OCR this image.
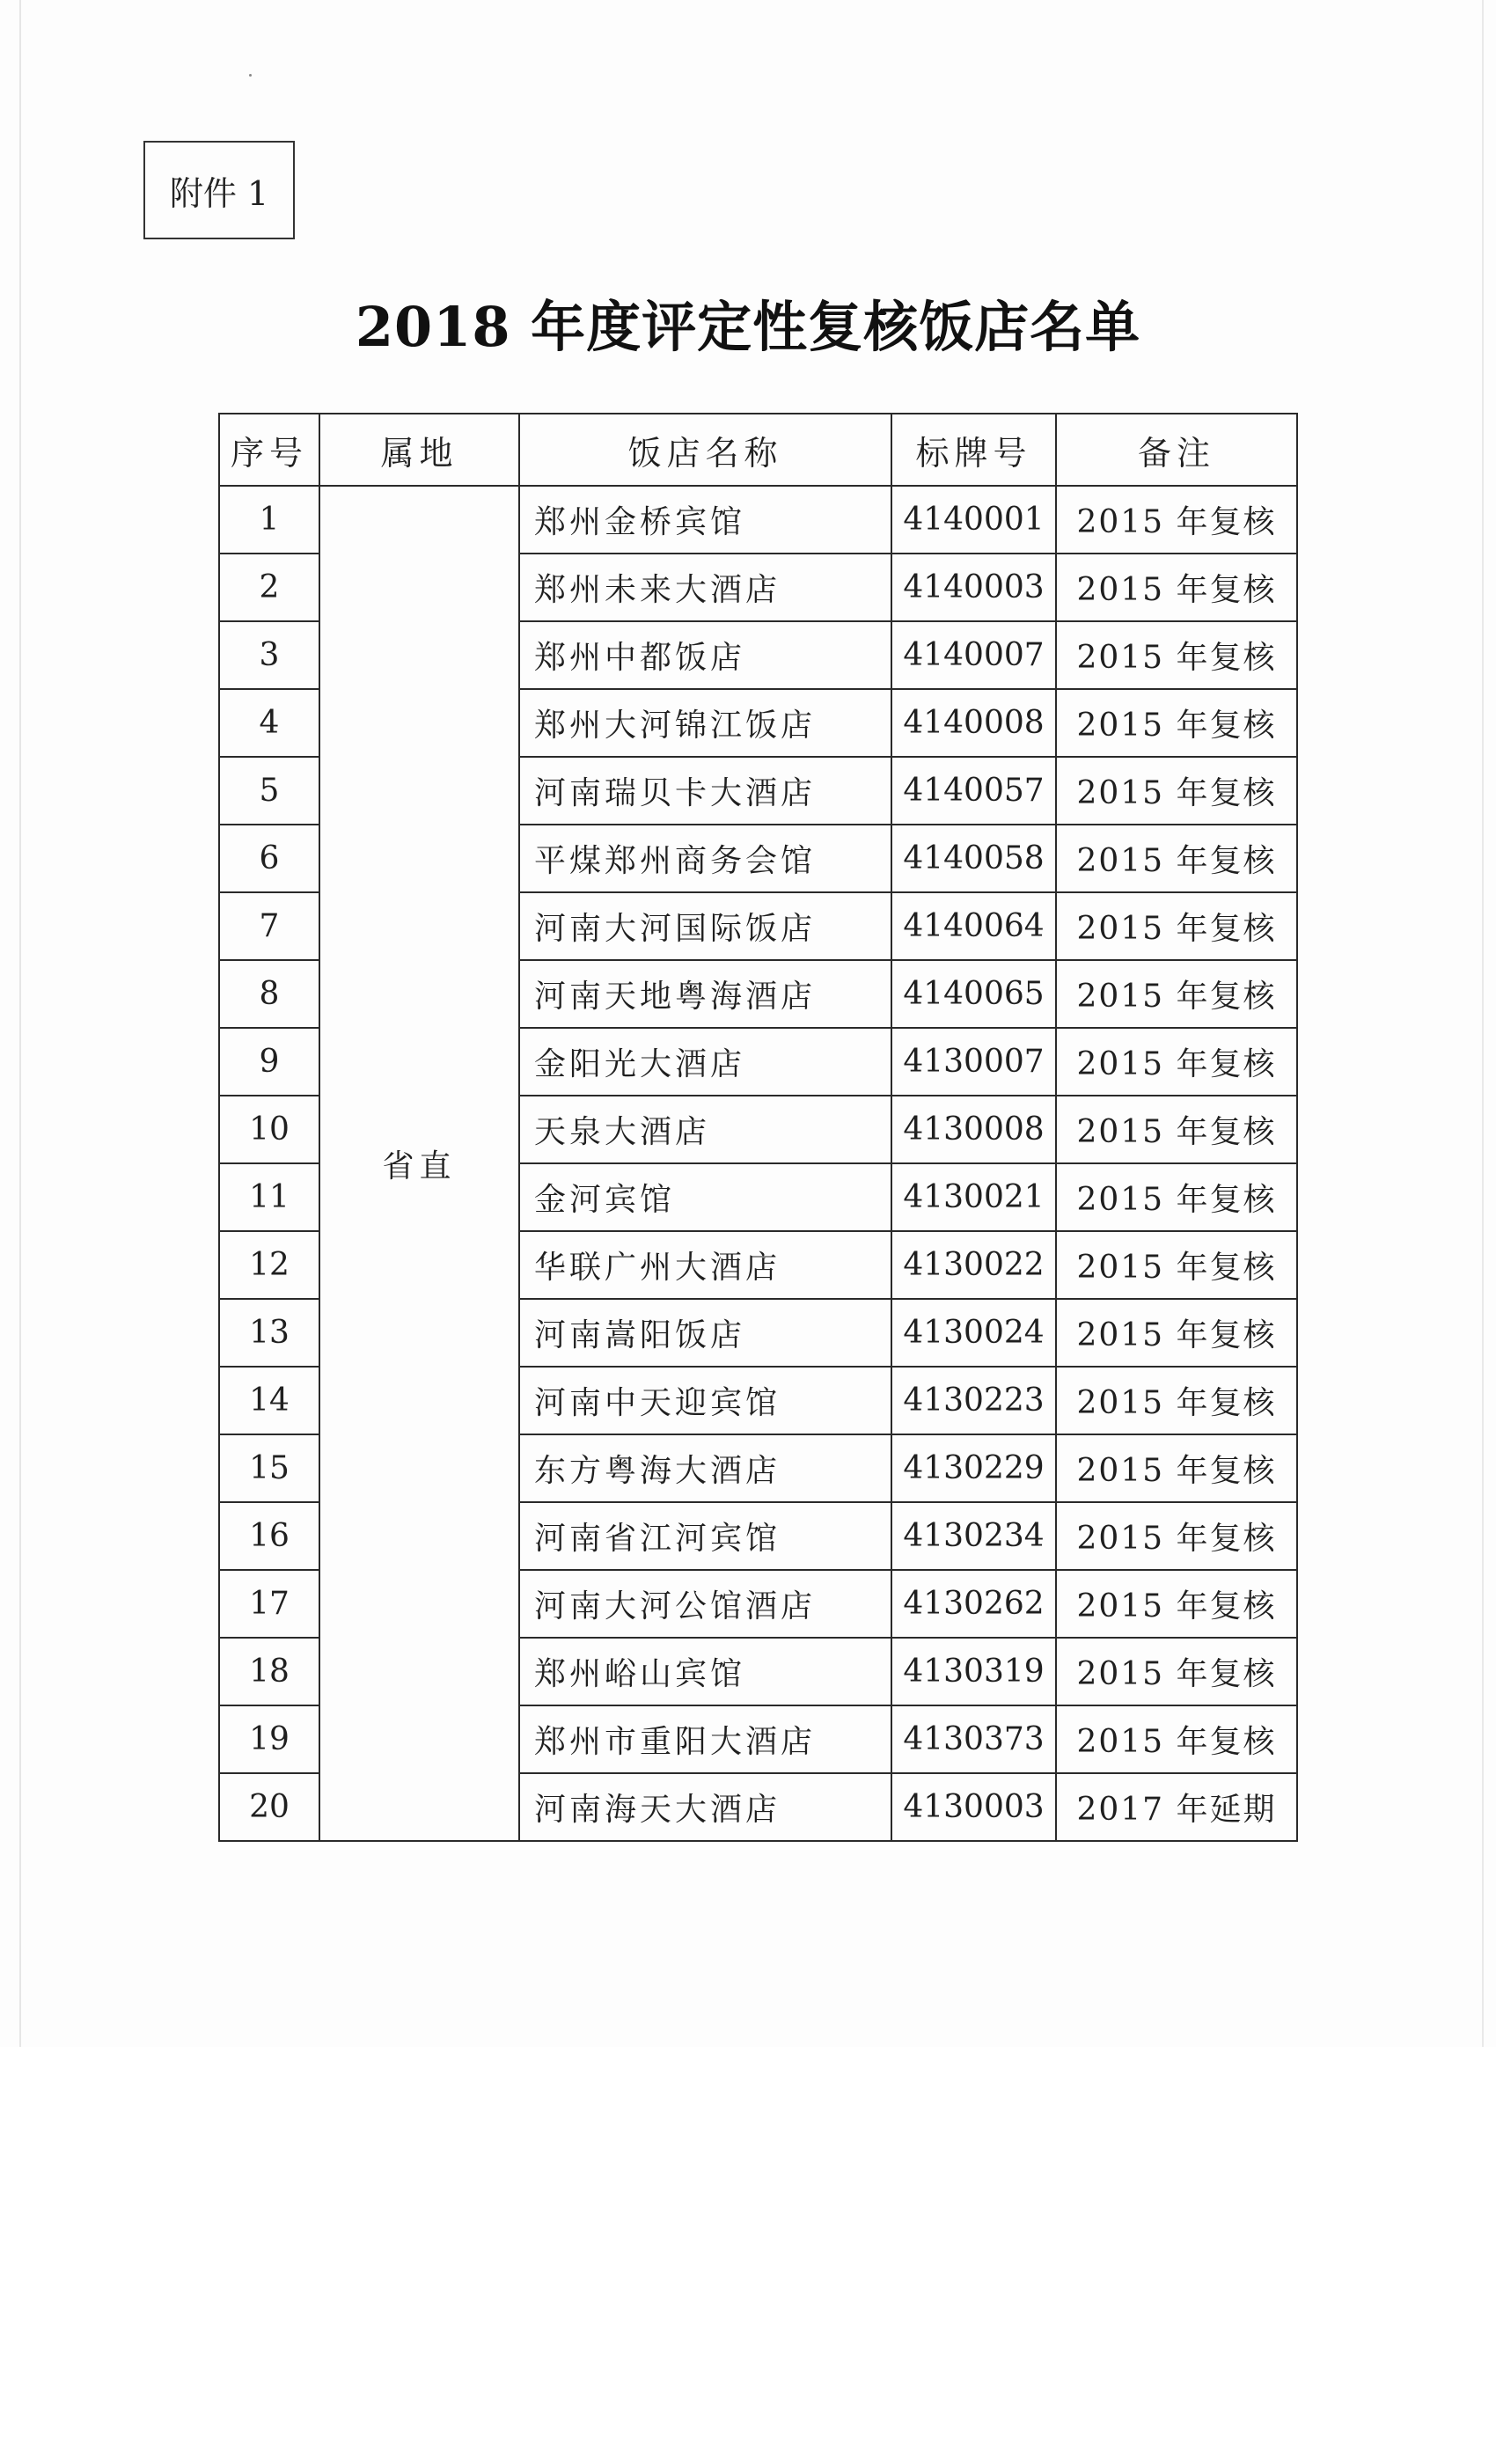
附件 1
2018 年度评定性复核饭店名单
序号	属地	饭店名称	标牌号	备注
1	省直	郑州金桥宾馆	4140001	2015 年复核
2		郑州未来大酒店	4140003	2015 年复核
3		郑州中都饭店	4140007	2015 年复核
4		郑州大河锦江饭店	4140008	2015 年复核
5		河南瑞贝卡大酒店	4140057	2015 年复核
6		平煤郑州商务会馆	4140058	2015 年复核
7		河南大河国际饭店	4140064	2015 年复核
8		河南天地粤海酒店	4140065	2015 年复核
9		金阳光大酒店	4130007	2015 年复核
10		天泉大酒店	4130008	2015 年复核
11		金河宾馆	4130021	2015 年复核
12		华联广州大酒店	4130022	2015 年复核
13		河南嵩阳饭店	4130024	2015 年复核
14		河南中天迎宾馆	4130223	2015 年复核
15		东方粤海大酒店	4130229	2015 年复核
16		河南省江河宾馆	4130234	2015 年复核
17		河南大河公馆酒店	4130262	2015 年复核
18		郑州峪山宾馆	4130319	2015 年复核
19		郑州市重阳大酒店	4130373	2015 年复核
20		河南海天大酒店	4130003	2017 年延期
